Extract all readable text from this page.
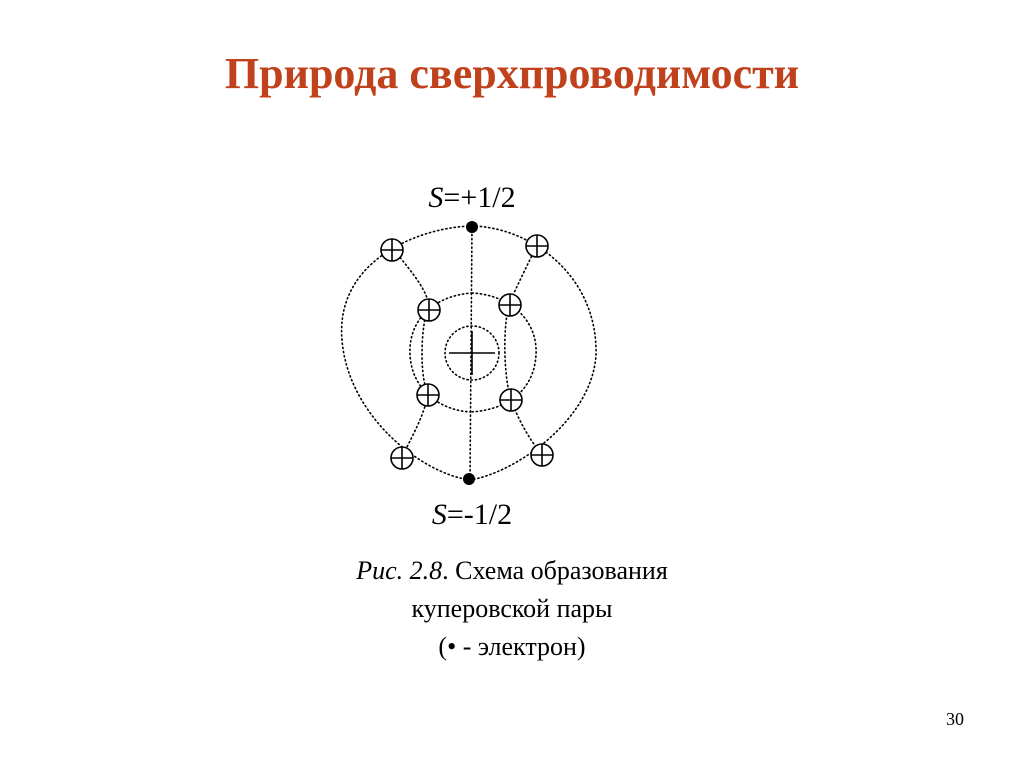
Природа сверхпроводимости
S=+1/2
S=-1/2
Рис. 2.8. Схема образования
куперовской пары
(• - электрон)
30
